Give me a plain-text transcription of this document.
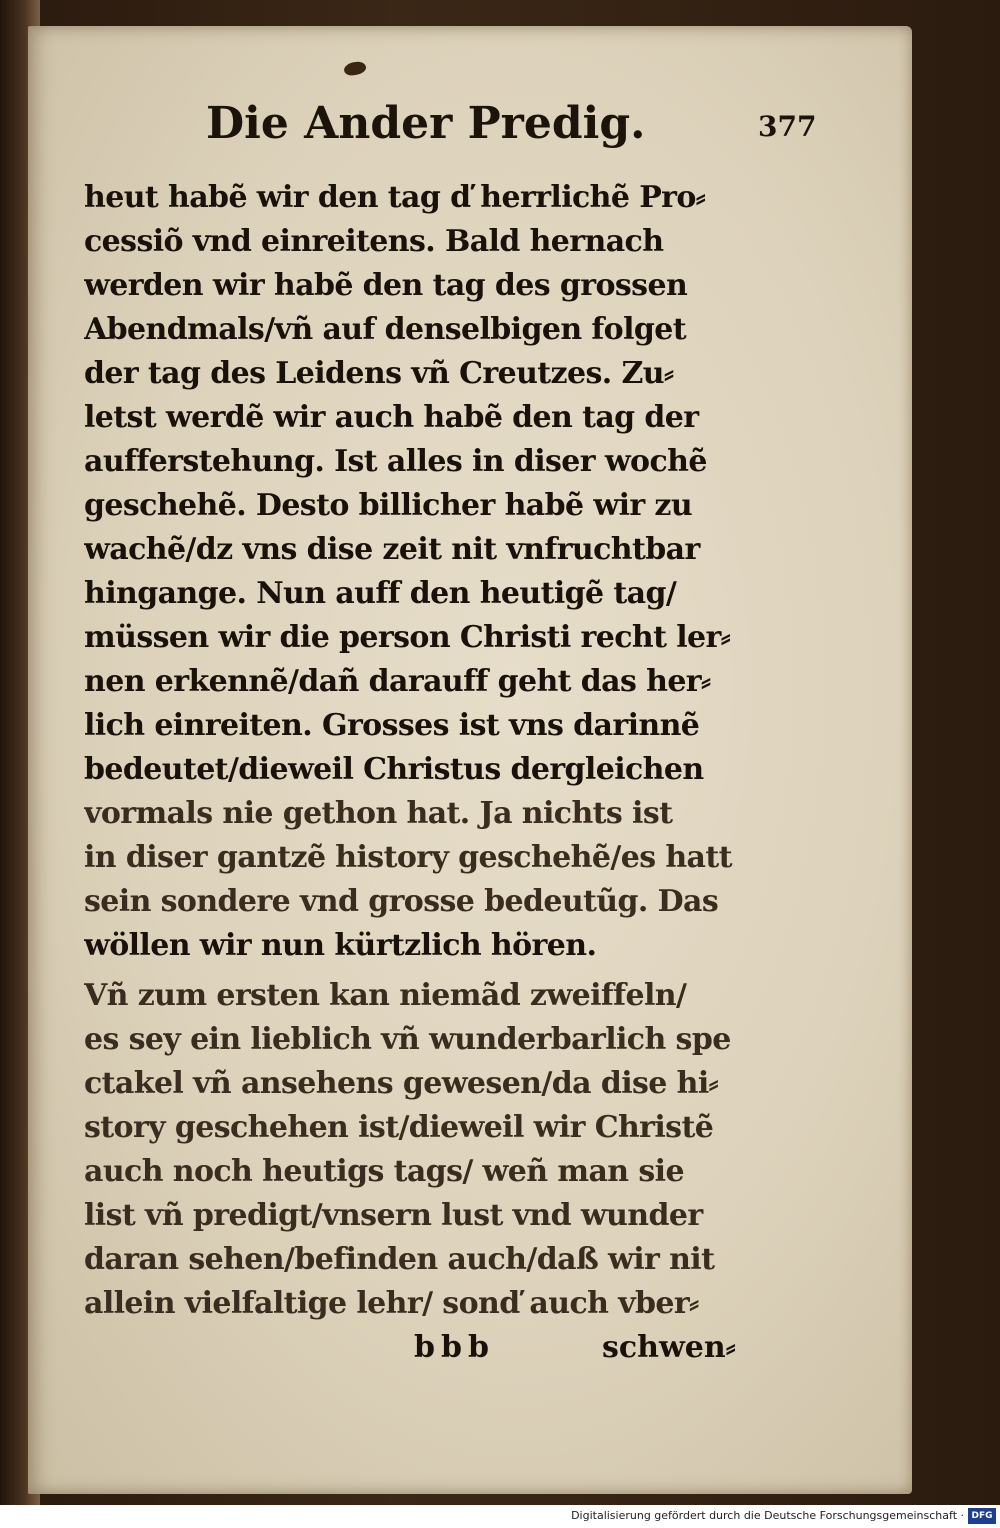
Die Ander Predig.	377
heut habẽ wir den tag ď herrlichẽ Pro⸗
cessiõ vnd einreitens. Bald hernach
werden wir habẽ den tag des grossen
Abendmals/vñ auf denselbigen folget
der tag des Leidens vñ Creutzes. Zu⸗
letst werdẽ wir auch habẽ den tag der
aufferstehung. Ist alles in diser wochẽ
geschehẽ. Desto billicher habẽ wir zu
wachẽ/dz vns dise zeit nit vnfruchtbar
hingange. Nun auff den heutigẽ tag/
müssen wir die person Christi recht ler⸗
nen erkennẽ/dañ darauff geht das her⸗
lich einreiten. Grosses ist vns darinnẽ
bedeutet/dieweil Christus dergleichen
vormals nie gethon hat. Ja nichts ist
in diser gantzẽ history geschehẽ/es hatt
sein sondere vnd grosse bedeutũg. Das
wöllen wir nun kürtzlich hören.
Vñ zum ersten kan niemãd zweiffeln/
es sey ein lieblich vñ wunderbarlich spe
ctakel vñ ansehens gewesen/da dise hi⸗
story geschehen ist/dieweil wir Christẽ
auch noch heutigs tags/ weñ man sie
list vñ predigt/vnsern lust vnd wunder
daran sehen/befinden auch/daß wir nit
allein vielfaltige lehr/ sonď auch vber⸗
bbb	schwen⸗
Digitalisierung gefördert durch die Deutsche Forschungsgemeinschaft · DFG
